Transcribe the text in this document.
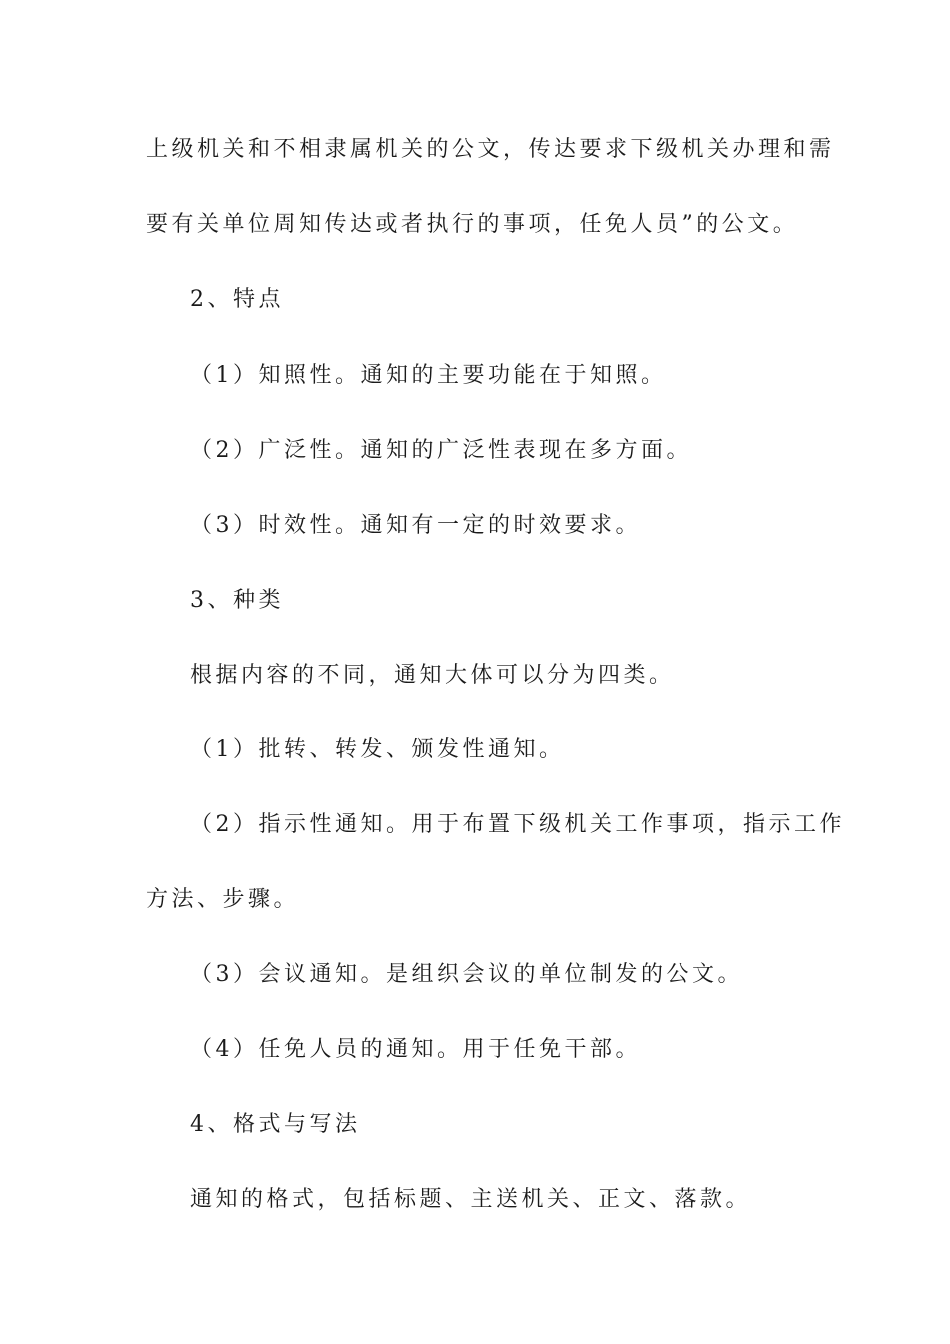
上级机关和不相隶属机关的公文，传达要求下级机关办理和需

要有关单位周知传达或者执行的事项，任免人员”的公文。

2、特点

（1）知照性。通知的主要功能在于知照。

（2）广泛性。通知的广泛性表现在多方面。

（3）时效性。通知有一定的时效要求。

3、种类

根据内容的不同，通知大体可以分为四类。

（1）批转、转发、颁发性通知。

（2）指示性通知。用于布置下级机关工作事项，指示工作

方法、步骤。

（3）会议通知。是组织会议的单位制发的公文。

（4）任免人员的通知。用于任免干部。

4、格式与写法

通知的格式，包括标题、主送机关、正文、落款。
